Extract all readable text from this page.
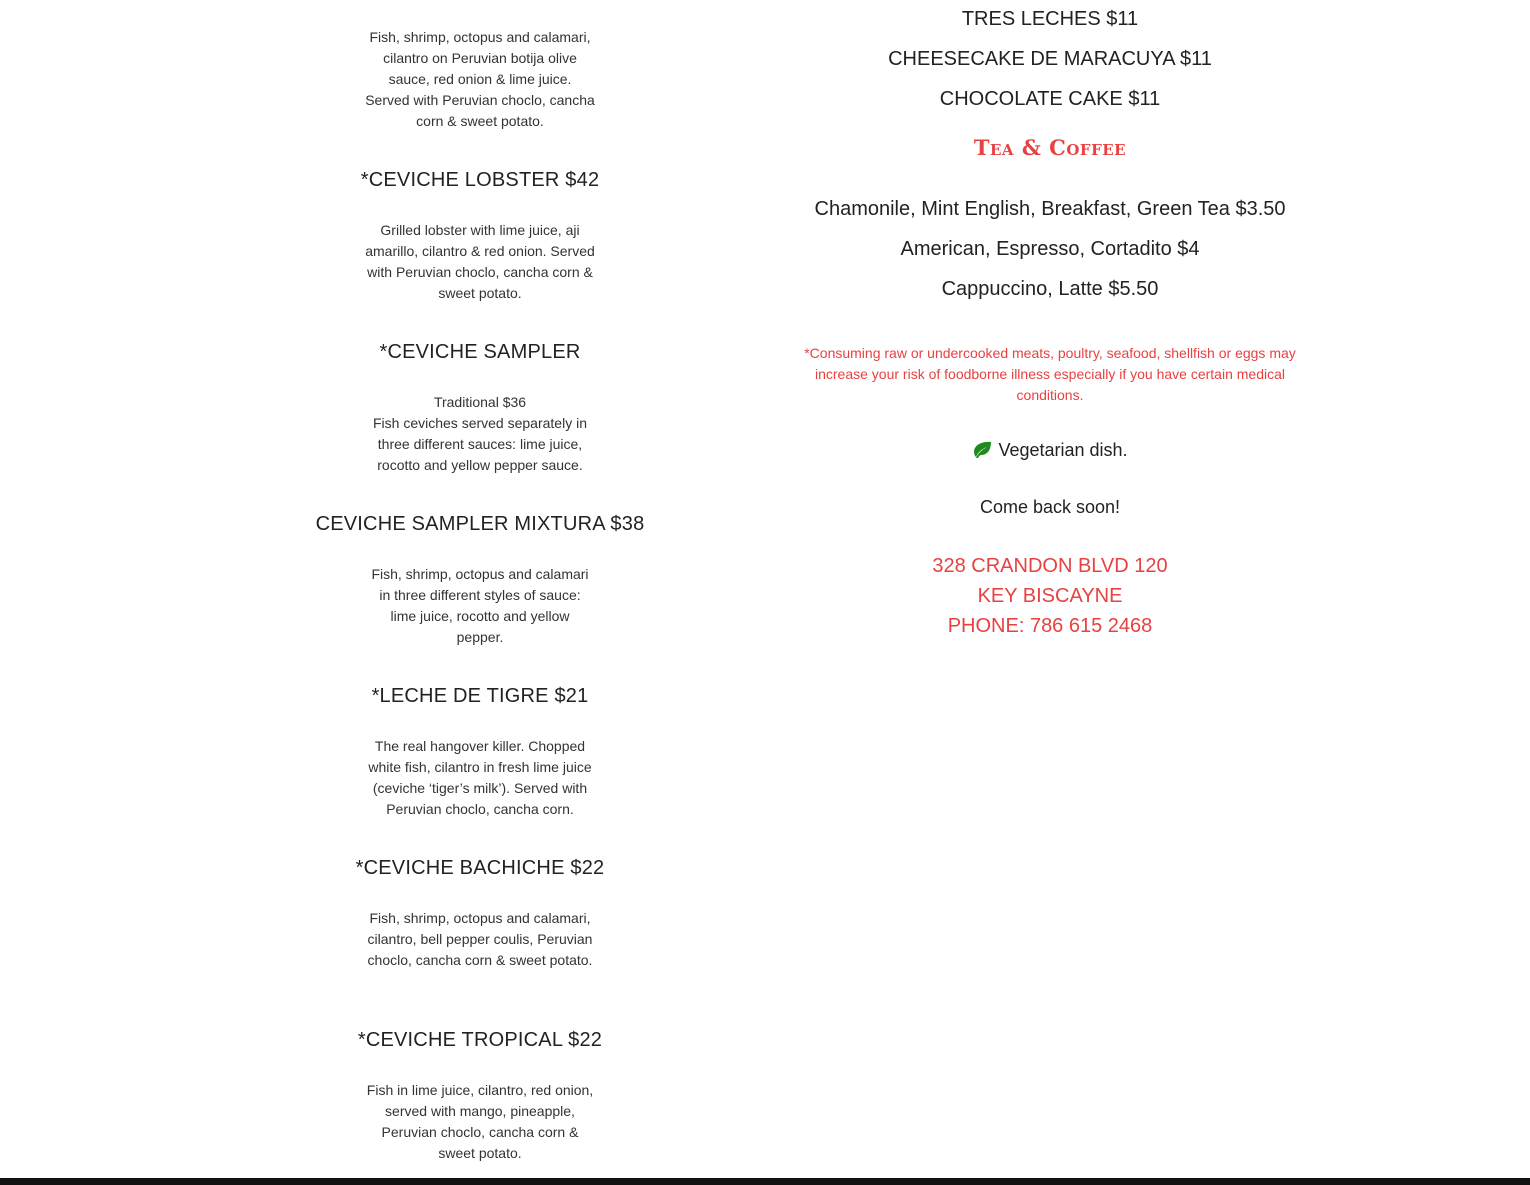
Fish, shrimp, octopus and calamari, cilantro on Peruvian botija olive sauce, red onion & lime juice. Served with Peruvian choclo, cancha corn & sweet potato.

*CEVICHE LOBSTER $42

Grilled lobster with lime juice, aji amarillo, cilantro & red onion. Served with Peruvian choclo, cancha corn & sweet potato.

*CEVICHE SAMPLER

Traditional $36

Fish ceviches served separately in three different sauces: lime juice, rocotto and yellow pepper sauce.

CEVICHE SAMPLER MIXTURA $38

Fish, shrimp, octopus and calamari in three different styles of sauce: lime juice, rocotto and yellow pepper.

*LECHE DE TIGRE $21

The real hangover killer. Chopped white fish, cilantro in fresh lime juice (ceviche ‘tiger’s milk’). Served with Peruvian choclo, cancha corn.

*CEVICHE BACHICHE $22

Fish, shrimp, octopus and calamari, cilantro, bell pepper coulis, Peruvian choclo, cancha corn & sweet potato.

*CEVICHE TROPICAL $22

Fish in lime juice, cilantro, red onion, served with mango, pineapple, Peruvian choclo, cancha corn & sweet potato.

TRES LECHES $11

CHEESECAKE DE MARACUYA $11

CHOCOLATE CAKE $11

Tea & Coffee

Chamonile, Mint English, Breakfast, Green Tea $3.50

American, Espresso, Cortadito $4

Cappuccino, Latte $5.50

*Consuming raw or undercooked meats, poultry, seafood, shellfish or eggs may increase your risk of foodborne illness especially if you have certain medical conditions.

Vegetarian dish.
Come back soon!
328 CRANDON BLVD 120
KEY BISCAYNE
PHONE: 786 615 2468
